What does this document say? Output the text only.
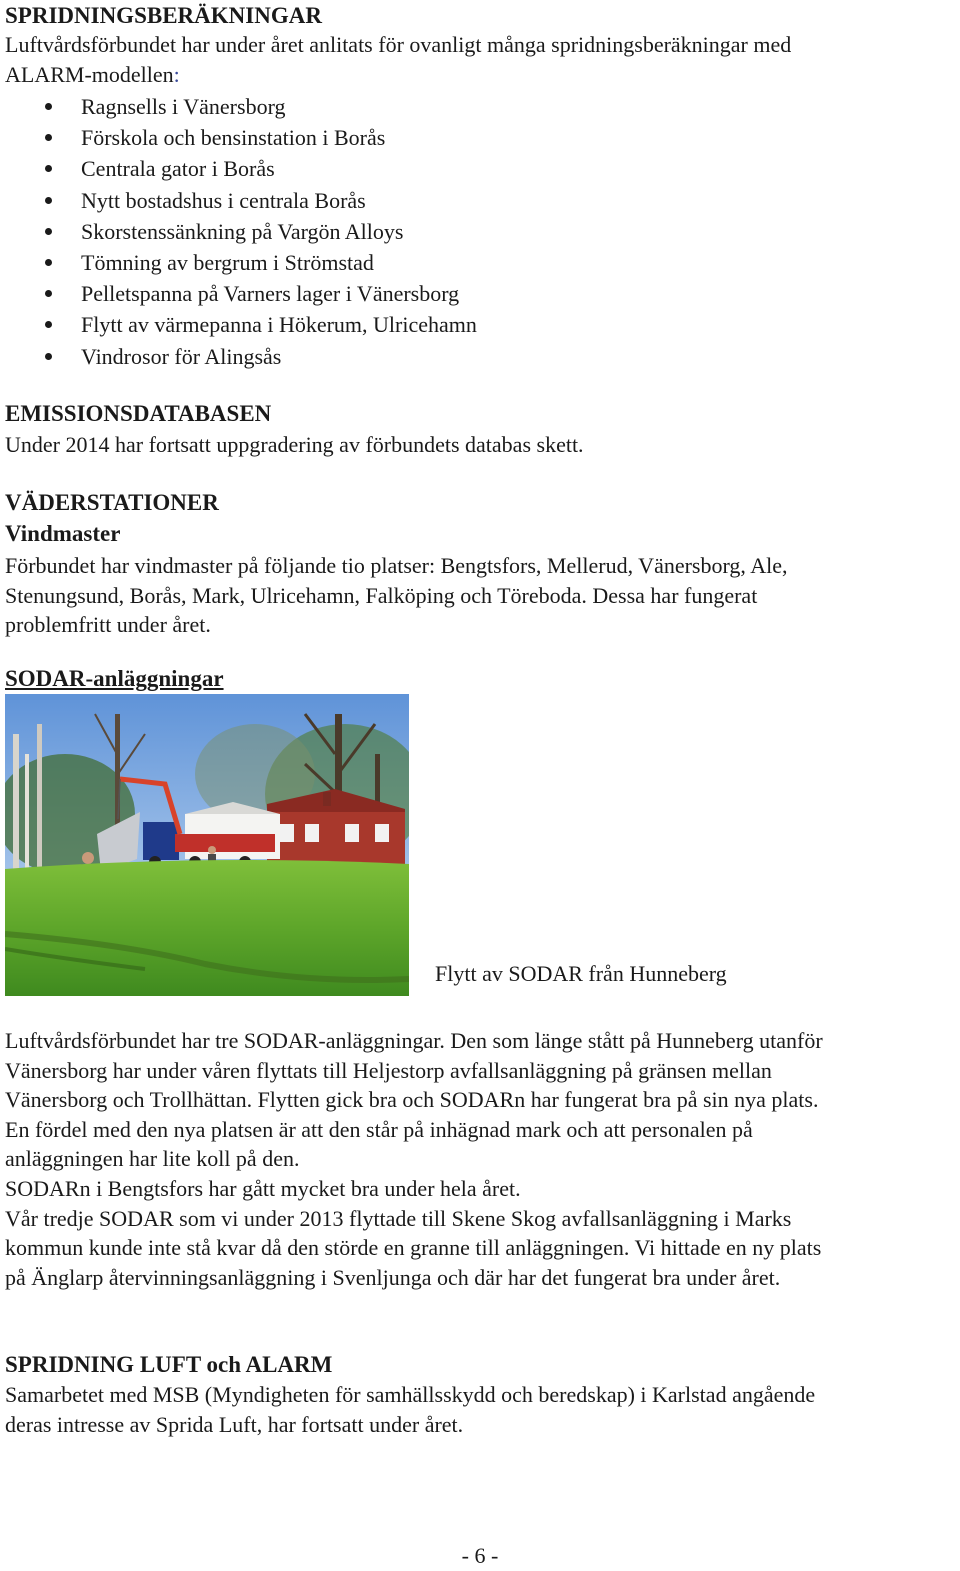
SPRIDNINGSBERÄKNINGAR

Luftvårdsförbundet har under året anlitats för ovanligt många spridningsberäkningar med

ALARM-modellen:

Ragnsells i Vänersborg
Förskola och bensinstation i Borås
Centrala gator i Borås
Nytt bostadshus i centrala Borås
Skorstenssänkning på Vargön Alloys
Tömning av bergrum i Strömstad
Pelletspanna på Varners lager i Vänersborg
Flytt av värmepanna i Hökerum, Ulricehamn
Vindrosor för Alingsås

EMISSIONSDATABASEN

Under 2014 har fortsatt uppgradering av förbundets databas skett.

VÄDERSTATIONER

Vindmaster

Förbundet har vindmaster på följande tio platser: Bengtsfors, Mellerud, Vänersborg, Ale,

Stenungsund, Borås, Mark, Ulricehamn, Falköping och Töreboda. Dessa har fungerat

problemfritt under året.

SODAR-anläggningar

Flytt av SODAR från Hunneberg

Luftvårdsförbundet har tre SODAR-anläggningar. Den som länge stått på Hunneberg utanför

Vänersborg har under våren flyttats till Heljestorp avfallsanläggning på gränsen mellan

Vänersborg och Trollhättan. Flytten gick bra och SODARn har fungerat bra på sin nya plats.

En fördel med den nya platsen är att den står på inhägnad mark och att personalen på

anläggningen har lite koll på den.

SODARn i Bengtsfors har gått mycket bra under hela året.

Vår tredje SODAR som vi under 2013 flyttade till Skene Skog avfallsanläggning i Marks

kommun kunde inte stå kvar då den störde en granne till anläggningen. Vi hittade en ny plats

på Änglarp återvinningsanläggning i Svenljunga och där har det fungerat bra under året.

SPRIDNING LUFT och ALARM

Samarbetet med MSB (Myndigheten för samhällsskydd och beredskap) i Karlstad angående

deras intresse av Sprida Luft, har fortsatt under året.

- 6 -
